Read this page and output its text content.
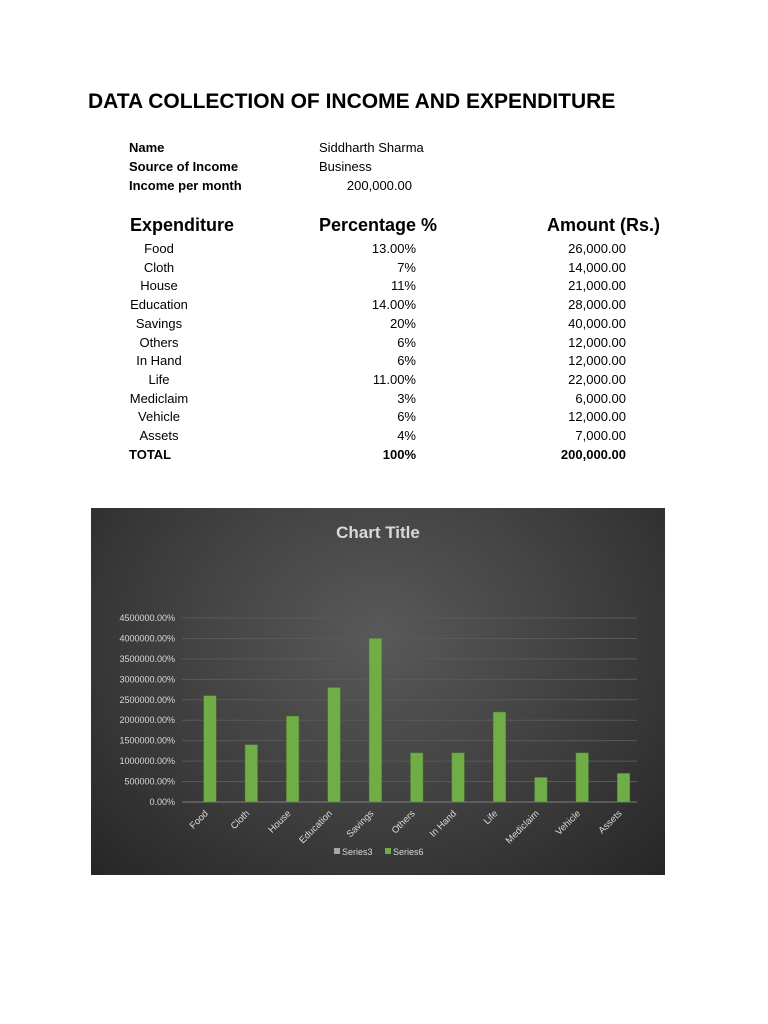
DATA COLLECTION OF INCOME AND EXPENDITURE
Name	Siddharth Sharma
Source of Income	Business
Income per month	200,000.00
Expenditure	Percentage %	Amount (Rs.)
Food	13.00%	26,000.00
Cloth	7%	14,000.00
House	11%	21,000.00
Education	14.00%	28,000.00
Savings	20%	40,000.00
Others	6%	12,000.00
In Hand	6%	12,000.00
Life	11.00%	22,000.00
Mediclaim	3%	6,000.00
Vehicle	6%	12,000.00
Assets	4%	7,000.00
TOTAL	100%	200,000.00
Chart Title
0.00%
500000.00%
1000000.00%
1500000.00%
2000000.00%
2500000.00%
3000000.00%
3500000.00%
4000000.00%
4500000.00%
Food Cloth House Education Savings Others In Hand Life Mediclaim Vehicle Assets
Series3 Series6
